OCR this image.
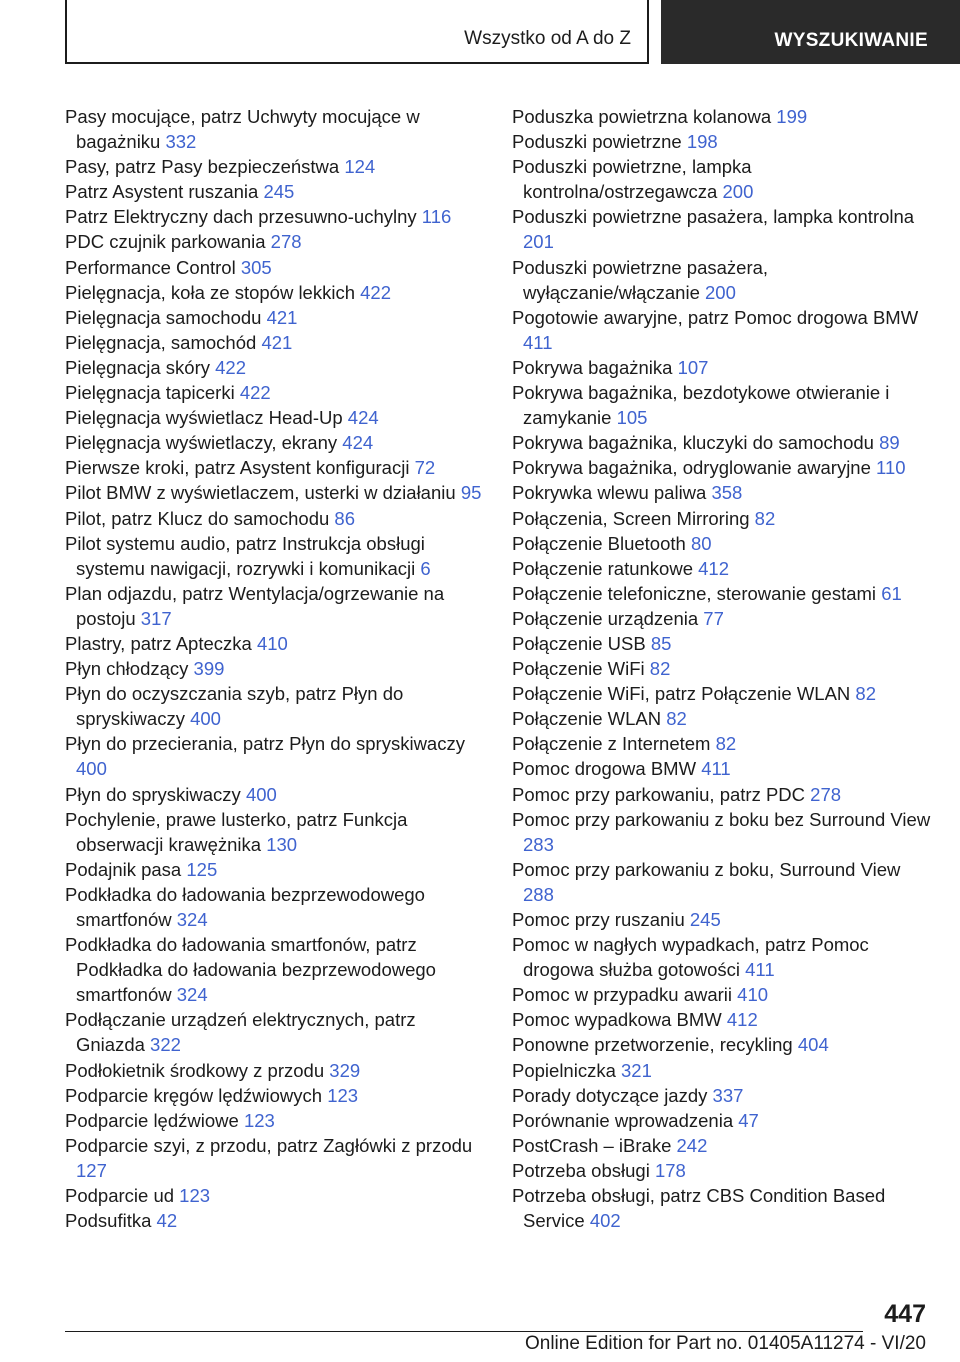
Wszystko od A do Z	WYSZUKIWANIE
Pasy mocujące, patrz Uchwyty mocujące w bagażniku 332
Pasy, patrz Pasy bezpieczeństwa 124
Patrz Asystent ruszania 245
Patrz Elektryczny dach przesuwno-uchylny 116
PDC czujnik parkowania 278
Performance Control 305
Pielęgnacja, koła ze stopów lekkich 422
Pielęgnacja samochodu 421
Pielęgnacja, samochód 421
Pielęgnacja skóry 422
Pielęgnacja tapicerki 422
Pielęgnacja wyświetlacz Head-Up 424
Pielęgnacja wyświetlaczy, ekrany 424
Pierwsze kroki, patrz Asystent konfiguracji 72
Pilot BMW z wyświetlaczem, usterki w działaniu 95
Pilot, patrz Klucz do samochodu 86
Pilot systemu audio, patrz Instrukcja obsługi systemu nawigacji, rozrywki i komunikacji 6
Plan odjazdu, patrz Wentylacja/ogrzewanie na postoju 317
Plastry, patrz Apteczka 410
Płyn chłodzący 399
Płyn do oczyszczania szyb, patrz Płyn do spryskiwaczy 400
Płyn do przecierania, patrz Płyn do spryskiwaczy 400
Płyn do spryskiwaczy 400
Pochylenie, prawe lusterko, patrz Funkcja obserwacji krawężnika 130
Podajnik pasa 125
Podkładka do ładowania bezprzewodowego smartfonów 324
Podkładka do ładowania smartfonów, patrz Podkładka do ładowania bezprzewodowego smartfonów 324
Podłączanie urządzeń elektrycznych, patrz Gniazda 322
Podłokietnik środkowy z przodu 329
Podparcie kręgów lędźwiowych 123
Podparcie lędźwiowe 123
Podparcie szyi, z przodu, patrz Zagłówki z przodu 127
Podparcie ud 123
Podsufitka 42
Poduszka powietrzna kolanowa 199
Poduszki powietrzne 198
Poduszki powietrzne, lampka kontrolna/ostrzegawcza 200
Poduszki powietrzne pasażera, lampka kontrolna 201
Poduszki powietrzne pasażera, wyłączanie/włączanie 200
Pogotowie awaryjne, patrz Pomoc drogowa BMW 411
Pokrywa bagażnika 107
Pokrywa bagażnika, bezdotykowe otwieranie i zamykanie 105
Pokrywa bagażnika, kluczyki do samochodu 89
Pokrywa bagażnika, odryglowanie awaryjne 110
Pokrywka wlewu paliwa 358
Połączenia, Screen Mirroring 82
Połączenie Bluetooth 80
Połączenie ratunkowe 412
Połączenie telefoniczne, sterowanie gestami 61
Połączenie urządzenia 77
Połączenie USB 85
Połączenie WiFi 82
Połączenie WiFi, patrz Połączenie WLAN 82
Połączenie WLAN 82
Połączenie z Internetem 82
Pomoc drogowa BMW 411
Pomoc przy parkowaniu, patrz PDC 278
Pomoc przy parkowaniu z boku bez Surround View 283
Pomoc przy parkowaniu z boku, Surround View 288
Pomoc przy ruszaniu 245
Pomoc w nagłych wypadkach, patrz Pomoc drogowa służba gotowości 411
Pomoc w przypadku awarii 410
Pomoc wypadkowa BMW 412
Ponowne przetworzenie, recykling 404
Popielniczka 321
Porady dotyczące jazdy 337
Porównanie wprowadzenia 47
PostCrash – iBrake 242
Potrzeba obsługi 178
Potrzeba obsługi, patrz CBS Condition Based Service 402
447
Online Edition for Part no. 01405A11274 - VI/20
